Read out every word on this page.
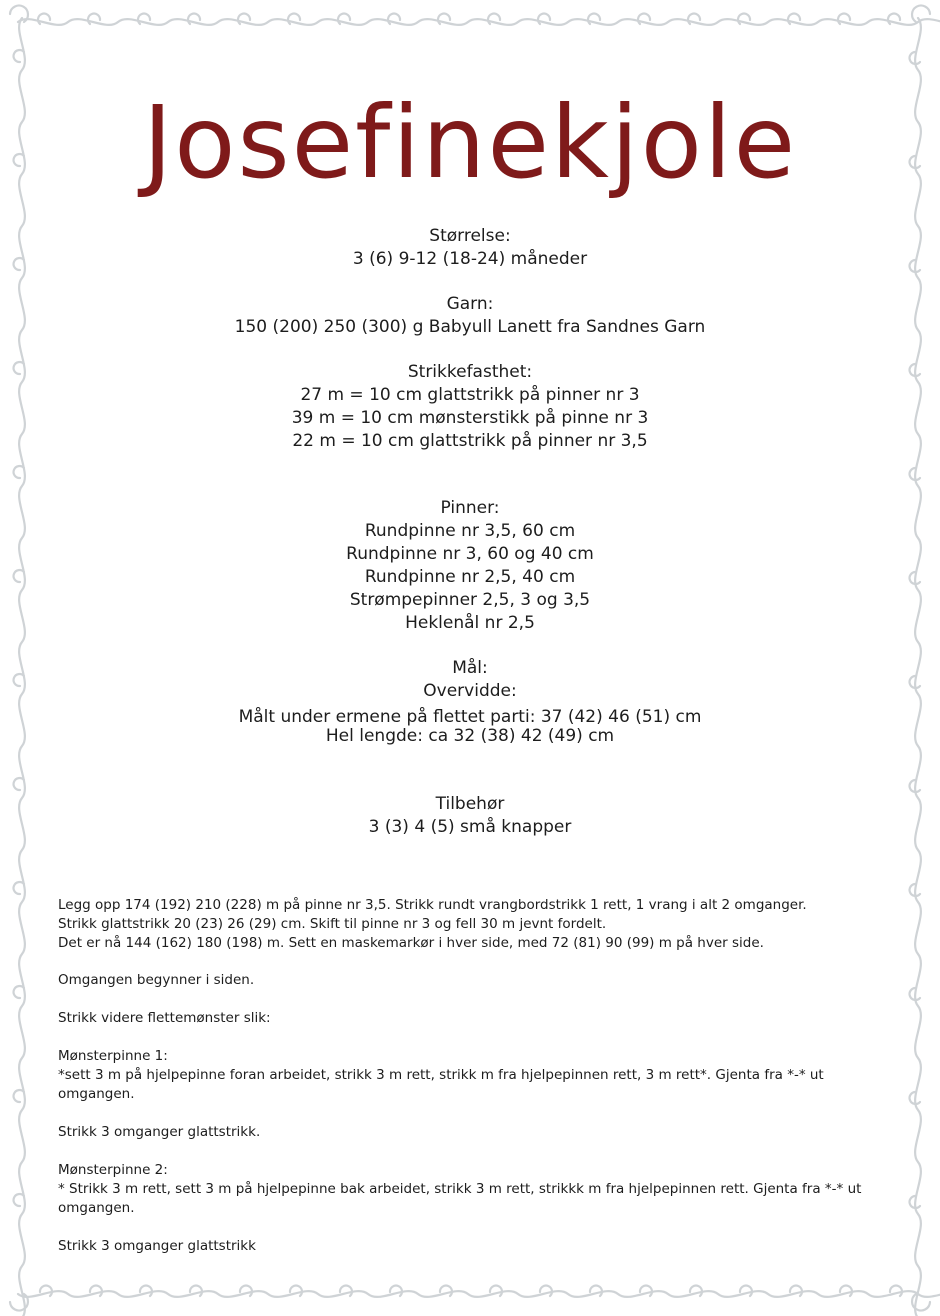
Josefinekjole
Størrelse:
3 (6) 9-12 (18-24) måneder
Garn:
150 (200) 250 (300) g Babyull Lanett fra Sandnes Garn
Strikkefasthet:
27 m = 10 cm glattstrikk på pinner nr 3
39 m = 10 cm mønsterstikk på pinne nr 3
22 m = 10 cm glattstrikk på pinner nr 3,5
Pinner:
Rundpinne nr 3,5, 60 cm
Rundpinne nr 3, 60 og 40 cm
Rundpinne nr 2,5, 40 cm
Strømpepinner 2,5, 3 og 3,5
Heklenål nr 2,5
Mål:
Overvidde:
Målt under ermene på flettet parti: 37 (42) 46 (51) cm
Hel lengde: ca 32 (38) 42 (49) cm
Tilbehør
3 (3) 4 (5) små knapper
Legg opp 174 (192) 210 (228) m på pinne nr 3,5. Strikk rundt vrangbordstrikk 1 rett, 1 vrang i alt 2 omganger.
Strikk glattstrikk 20 (23) 26 (29) cm. Skift til pinne nr 3 og fell 30 m jevnt fordelt.
Det er nå 144 (162) 180 (198) m. Sett en maskemarkør i hver side, med 72 (81) 90 (99) m på hver side.
Omgangen begynner i siden.
Strikk videre flettemønster slik:
Mønsterpinne 1:
*sett 3 m på hjelpepinne foran arbeidet, strikk 3 m rett, strikk m fra hjelpepinnen rett, 3 m rett*. Gjenta fra *-* ut omgangen.
Strikk 3 omganger glattstrikk.
Mønsterpinne 2:
* Strikk 3 m rett, sett 3 m på hjelpepinne bak arbeidet, strikk 3 m rett, strikkk m fra hjelpepinnen rett. Gjenta fra *-* ut omgangen.
Strikk 3 omganger glattstrikk
